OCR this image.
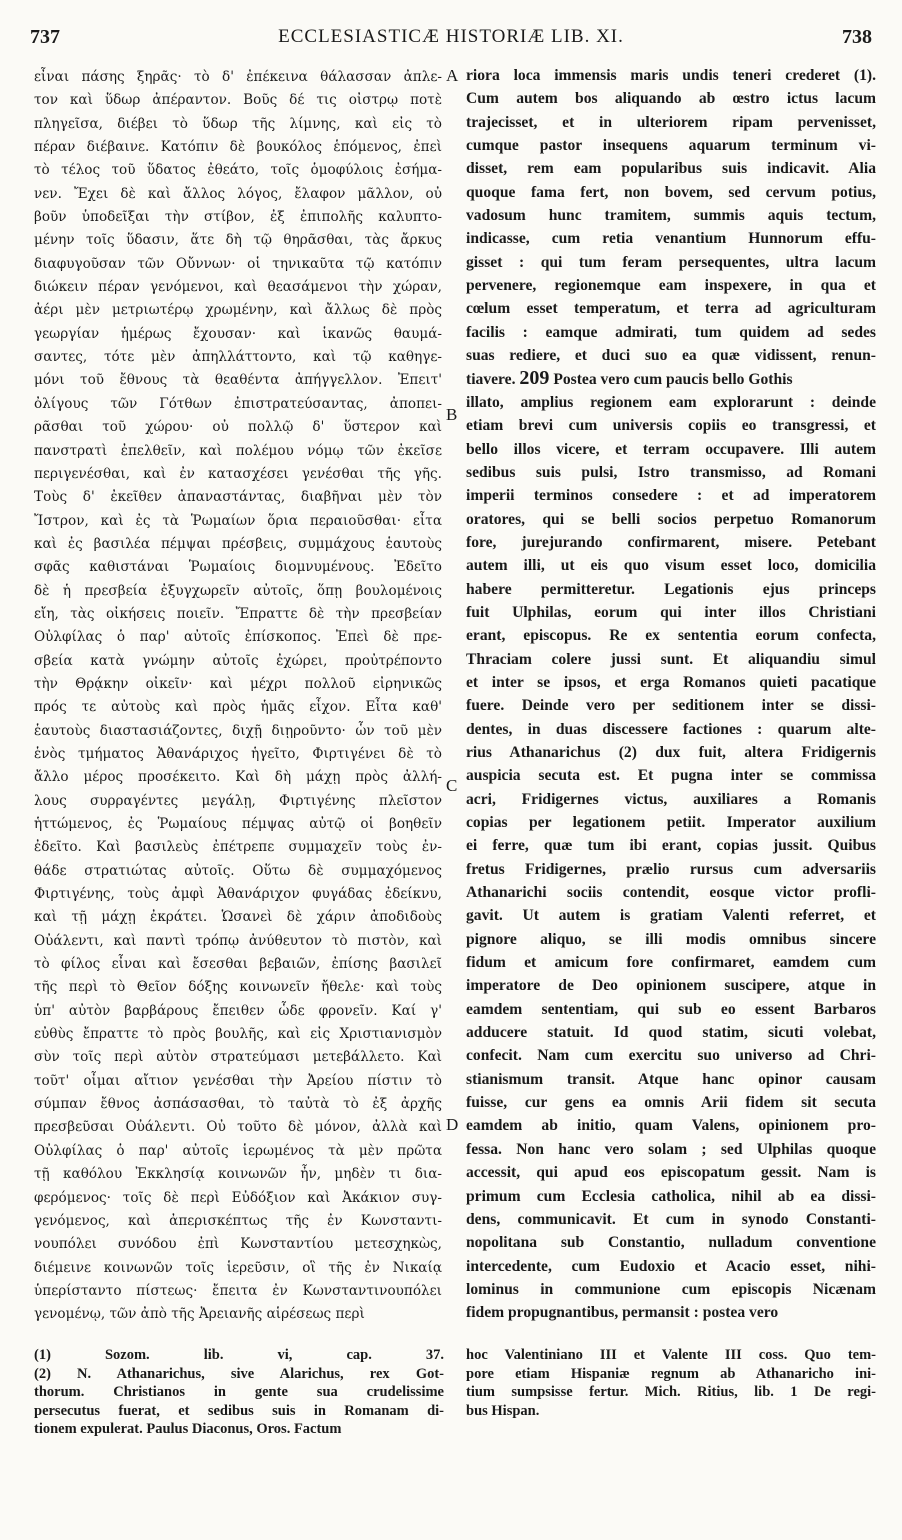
737	ECCLESIASTICÆ HISTORIÆ LIB. XI.	738
εἶναι πάσης ξηρᾶς· τὸ δ' ἐπέκεινα θάλασσαν ἀπλε-
τον καὶ ὕδωρ ἀπέραντον. Βοῦς δέ τις οἰστρῳ ποτὲ
πληγεῖσα, διέβει τὸ ὕδωρ τῆς λίμνης, καὶ εἰς τὸ
πέραν διέβαινε. Κατόπιν δὲ βουκόλος ἑπόμενος, ἐπεὶ
τὸ τέλος τοῦ ὕδατος ἐθεάτο, τοῖς ὁμοφύλοις ἐσήμα-
νεν. Ἔχει δὲ καὶ ἄλλος λόγος, ἔλαφον μᾶλλον, οὐ
βοῦν ὑποδεῖξαι τὴν στίβον, ἐξ ἐπιπολῆς καλυπτο-
μένην τοῖς ὕδασιν, ἅτε δὴ τῷ θηρᾶσθαι, τὰς ἄρκυς
διαφυγοῦσαν τῶν Οὔννων· οἱ τηνικαῦτα τῷ κατόπιν
διώκειν πέραν γενόμενοι, καὶ θεασάμενοι τὴν χώραν,
ἀέρι μὲν μετριωτέρῳ χρωμένην, καὶ ἄλλως δὲ πρὸς
γεωργίαν ἡμέρως ἔχουσαν· καὶ ἱκανῶς θαυμά-
σαντες, τότε μὲν ἀπηλλάττοντο, καὶ τῷ καθηγε-
μόνι τοῦ ἔθνους τὰ θεαθέντα ἀπήγγελλον. Ἐπειτ'
ὀλίγους τῶν Γότθων ἐπιστρατεύσαντας, ἀποπει-
ρᾶσθαι τοῦ χώρου· οὐ πολλῷ δ' ὕστερον καὶ
πανστρατὶ ἐπελθεῖν, καὶ πολέμου νόμῳ τῶν ἐκεῖσε
περιγενέσθαι, καὶ ἐν κατασχέσει γενέσθαι τῆς γῆς.
Τοὺς δ' ἐκεῖθεν ἀπαναστάντας, διαβῆναι μὲν τὸν
Ἴστρον, καὶ ἐς τὰ Ῥωμαίων ὅρια περαιοῦσθαι· εἶτα
καὶ ἐς βασιλέα πέμψαι πρέσβεις, συμμάχους ἑαυτοὺς
σφᾶς καθιστάναι Ῥωμαίοις διομνυμένους. Ἐδεῖτο
δὲ ἡ πρεσβεία ἐξυγχωρεῖν αὐτοῖς, ὅπῃ βουλομένοις
εἴη, τὰς οἰκήσεις ποιεῖν. Ἔπραττε δὲ τὴν πρεσβείαν
Οὐλφίλας ὁ παρ' αὐτοῖς ἐπίσκοπος. Ἐπεὶ δὲ πρε-
σβεία κατὰ γνώμην αὐτοῖς ἐχώρει, προὐτρέποντο
τὴν Θρᾴκην οἰκεῖν· καὶ μέχρι πολλοῦ εἰρηνικῶς
πρός τε αὐτοὺς καὶ πρὸς ἡμᾶς εἶχον. Εἶτα καθ'
ἑαυτοὺς διαστασιάζοντες, διχῇ διῃροῦντο· ὧν τοῦ μὲν
ἑνὸς τμήματος Ἀθανάριχος ἡγεῖτο, Φιρτιγένει δὲ τὸ
ἄλλο μέρος προσέκειτο. Καὶ δὴ μάχῃ πρὸς ἀλλή-
λους συρραγέντες μεγάλῃ, Φιρτιγένης πλεῖστον
ἡττώμενος, ἐς Ῥωμαίους πέμψας αὐτῷ οἱ βοηθεῖν
ἐδεῖτο. Καὶ βασιλεὺς ἐπέτρεπε συμμαχεῖν τοὺς ἐν-
θάδε στρατιώτας αὐτοῖς. Οὕτω δὲ συμμαχόμενος
Φιρτιγένης, τοὺς ἀμφὶ Ἀθανάριχον φυγάδας ἐδείκνυ,
καὶ τῇ μάχῃ ἐκράτει. Ὡσανεὶ δὲ χάριν ἀποδιδοὺς
Οὐάλεντι, καὶ παντὶ τρόπῳ ἀνύθευτον τὸ πιστὸν, καὶ
τὸ φίλος εἶναι καὶ ἔσεσθαι βεβαιῶν, ἐπίσης βασιλεῖ
τῆς περὶ τὸ Θεῖον δόξης κοινωνεῖν ἤθελε· καὶ τοὺς
ὑπ' αὐτὸν βαρβάρους ἔπειθεν ὧδε φρονεῖν. Καί γ'
εὐθὺς ἔπραττε τὸ πρὸς βουλῆς, καὶ εἰς Χριστιανισμὸν
σὺν τοῖς περὶ αὐτὸν στρατεύμασι μετεβάλλετο. Καὶ
τοῦτ' οἶμαι αἴτιον γενέσθαι τὴν Ἀρείου πίστιν τὸ
σύμπαν ἔθνος ἀσπάσασθαι, τὸ ταὐτὰ τὸ ἐξ ἀρχῆς
πρεσβεῦσαι Οὐάλεντι. Οὐ τοῦτο δὲ μόνον, ἀλλὰ καὶ
Οὐλφίλας ὁ παρ' αὐτοῖς ἱερωμένος τὰ μὲν πρῶτα
τῇ καθόλου Ἐκκλησίᾳ κοινωνῶν ἦν, μηδὲν τι δια-
φερόμενος· τοῖς δὲ περὶ Εὐδόξιον καὶ Ἀκάκιον συγ-
γενόμενος, καὶ ἀπερισκέπτως τῆς ἐν Κωνσταντι-
νουπόλει συνόδου ἐπὶ Κωνσταντίου μετεσχηκὼς,
διέμεινε κοινωνῶν τοῖς ἱερεῦσιν, οἳ τῆς ἐν Νικαίᾳ
ὑπερίσταντο πίστεως· ἔπειτα ἐν Κωνσταντινουπόλει
γενομένῳ, τῶν ἀπὸ τῆς Ἀρειανῆς αἱρέσεως περὶ
riora loca immensis maris undis teneri crederet (1).
Cum autem bos aliquando ab œstro ictus lacum
trajecisset, et in ulteriorem ripam pervenisset,
cumque pastor insequens aquarum terminum vi-
disset, rem eam popularibus suis indicavit. Alia
quoque fama fert, non bovem, sed cervum potius,
vadosum hunc tramitem, summis aquis tectum,
indicasse, cum retia venantium Hunnorum effu-
gisset : qui tum feram persequentes, ultra lacum
pervenere, regionemque eam inspexere, in qua et
cœlum esset temperatum, et terra ad agriculturam
facilis : eamque admirati, tum quidem ad sedes
suas rediere, et duci suo ea quæ vidissent, renun-
tiavere. 209 Postea vero cum paucis bello Gothis
illato, amplius regionem eam explorarunt : deinde
etiam brevi cum universis copiis eo transgressi, et
bello illos vicere, et terram occupavere. Illi autem
sedibus suis pulsi, Istro transmisso, ad Romani
imperii terminos consedere : et ad imperatorem
oratores, qui se belli socios perpetuo Romanorum
fore, jurejurando confirmarent, misere. Petebant
autem illi, ut eis quo visum esset loco, domicilia
habere permitteretur. Legationis ejus princeps
fuit Ulphilas, eorum qui inter illos Christiani
erant, episcopus. Re ex sententia eorum confecta,
Thraciam colere jussi sunt. Et aliquandiu simul
et inter se ipsos, et erga Romanos quieti pacatique
fuere. Deinde vero per seditionem inter se dissi-
dentes, in duas discessere factiones : quarum alte-
rius Athanarichus (2) dux fuit, altera Fridigernis
auspicia secuta est. Et pugna inter se commissa
acri, Fridigernes victus, auxiliares a Romanis
copias per legationem petiit. Imperator auxilium
ei ferre, quæ tum ibi erant, copias jussit. Quibus
fretus Fridigernes, prælio rursus cum adversariis
Athanarichi sociis contendit, eosque victor profli-
gavit. Ut autem is gratiam Valenti referret, et
pignore aliquo, se illi modis omnibus sincere
fidum et amicum fore confirmaret, eamdem cum
imperatore de Deo opinionem suscipere, atque in
eamdem sententiam, qui sub eo essent Barbaros
adducere statuit. Id quod statim, sicuti volebat,
confecit. Nam cum exercitu suo universo ad Chri-
stianismum transit. Atque hanc opinor causam
fuisse, cur gens ea omnis Arii fidem sit secuta
eamdem ab initio, quam Valens, opinionem pro-
fessa. Non hanc vero solam ; sed Ulphilas quoque
accessit, qui apud eos episcopatum gessit. Nam is
primum cum Ecclesia catholica, nihil ab ea dissi-
dens, communicavit. Et cum in synodo Constanti-
nopolitana sub Constantio, nulladum conventione
intercedente, cum Eudoxio et Acacio esset, nihi-
lominus in communione cum episcopis Nicænam
fidem propugnantibus, permansit : postea vero
A
B
C
D
(1) Sozom. lib. vi, cap. 37.
(2) N. Athanarichus, sive Alarichus, rex Got-
thorum. Christianos in gente sua crudelissime
persecutus fuerat, et sedibus suis in Romanam di-
tionem expulerat. Paulus Diaconus, Oros. Factum
hoc Valentiniano III et Valente III coss. Quo tem-
pore etiam Hispaniæ regnum ab Athanaricho ini-
tium sumpsisse fertur. Mich. Ritius, lib. 1 De regi-
bus Hispan.
